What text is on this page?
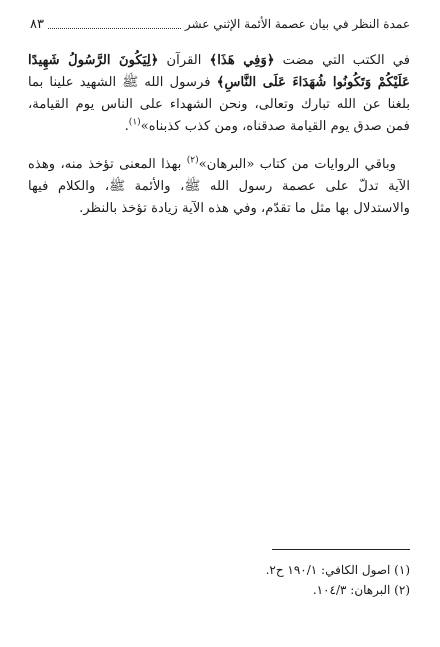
عمدة النظر في بيان عصمة الأئمة الإثني عشر
٨٣

في الكتب التي مضت ﴿وَفِي هَذَا﴾ القرآن ﴿لِيَكُونَ الرَّسُولُ شَهِيدًا عَلَيْكُمْ وَتَكُونُوا شُهَدَاءَ عَلَى النَّاسِ﴾ فرسول الله ﷺ الشهيد علينا بما بلغنا عن الله تبارك وتعالى، ونحن الشهداء على الناس يوم القيامة، فمن صدق يوم القيامة صدقناه، ومن كذب كذبناه»$^{(١)}$.

وباقي الروايات من كتاب «البرهان»$^{(٢)}$ بهذا المعنى تؤخذ منه، وهذه الآية تدلّ على عصمة رسول الله ﷺ، والأئمة ﷺ، والكلام فيها والاستدلال بها مثل ما تقدّم، وفي هذه الآية زيادة تؤخذ بالنظر.

(١) اصول الكافي: ١٩٠/١ ح٢.
(٢) البرهان: ١٠٤/٣.
